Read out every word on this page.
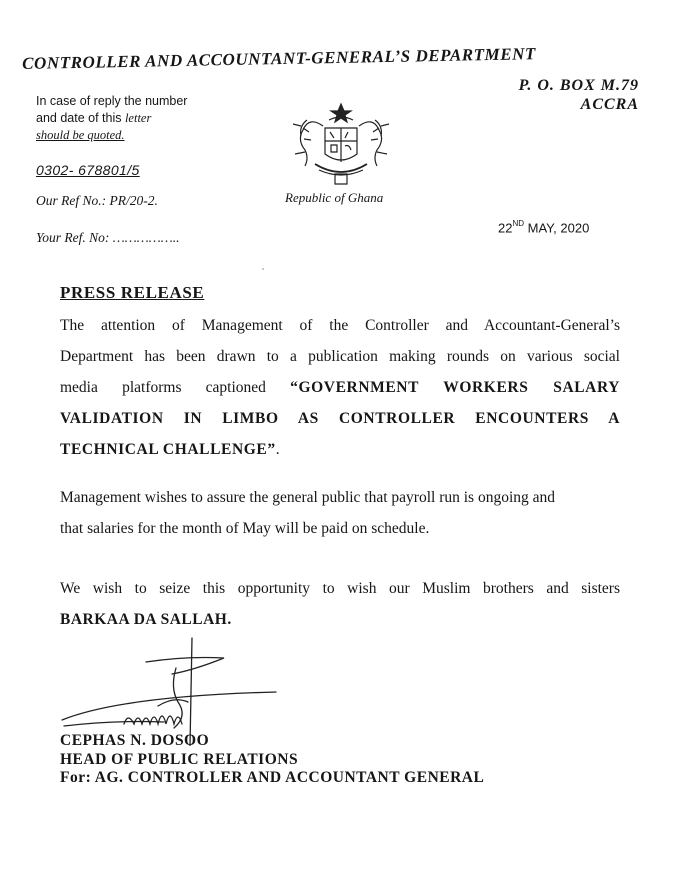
CONTROLLER AND ACCOUNTANT-GENERAL’S DEPARTMENT
P. O. BOX M.79
ACCRA
In case of reply the number
and date of this letter
should be quoted.
0302- 678801/5
Our Ref No.: PR/20-2.
Your Ref. No: ……………..
Republic of Ghana
22ND MAY, 2020
PRESS RELEASE
The attention of Management of the Controller and Accountant-General’s
Department has been drawn to a publication making rounds on various social
media platforms captioned “GOVERNMENT WORKERS SALARY
VALIDATION IN LIMBO AS CONTROLLER ENCOUNTERS A
TECHNICAL CHALLENGE”.
Management wishes to assure the general public that payroll run is ongoing and
that salaries for the month of May will be paid on schedule.
We wish to seize this opportunity to wish our Muslim brothers and sisters
BARKAA DA SALLAH.
CEPHAS N. DOSOO
HEAD OF PUBLIC RELATIONS
For: AG. CONTROLLER AND ACCOUNTANT GENERAL
